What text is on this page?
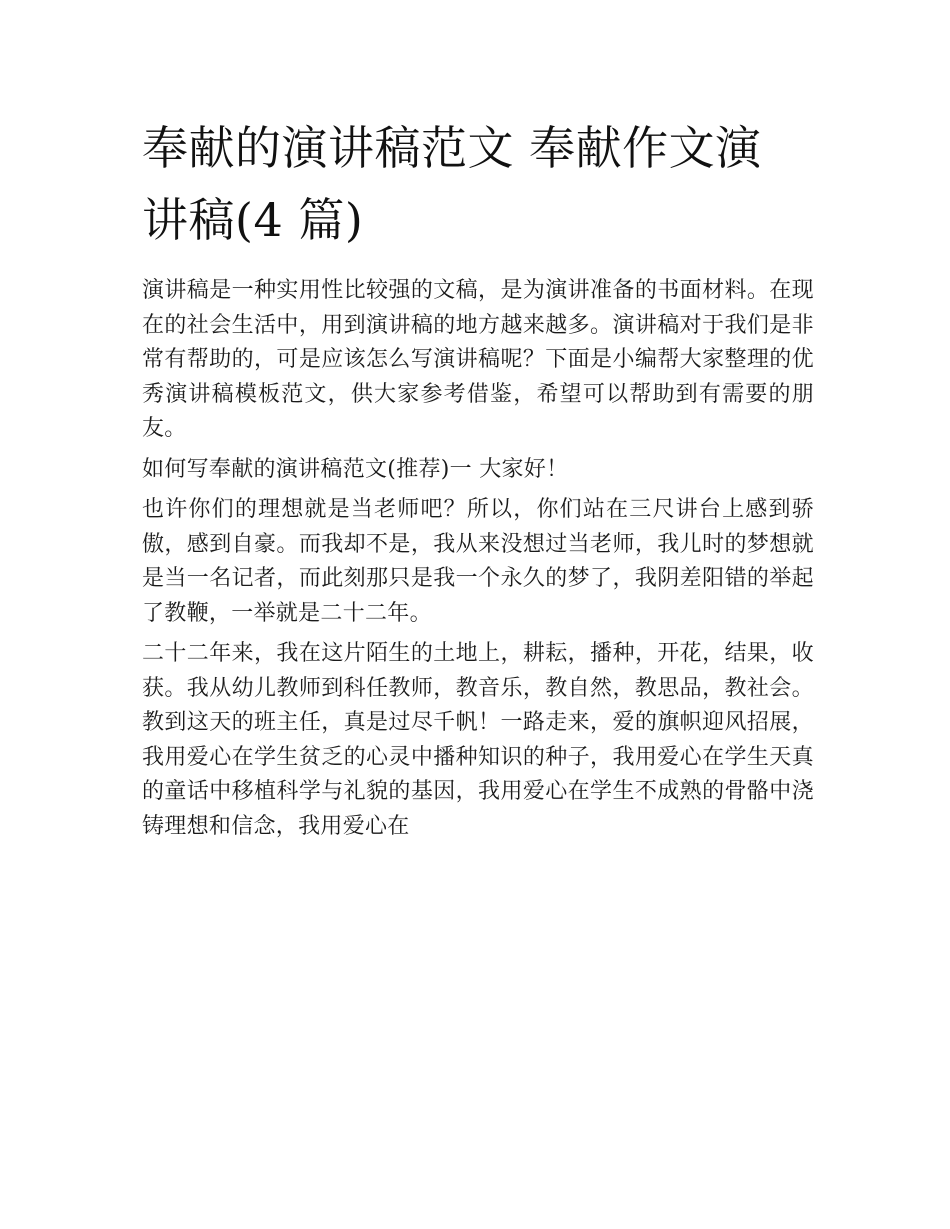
奉献的演讲稿范文 奉献作文演
讲稿(4 篇)

演讲稿是一种实用性比较强的文稿，是为演讲准备的书面材料。在现在的社会生活中，用到演讲稿的地方越来越多。演讲稿对于我们是非常有帮助的，可是应该怎么写演讲稿呢？下面是小编帮大家整理的优秀演讲稿模板范文，供大家参考借鉴，希望可以帮助到有需要的朋友。

如何写奉献的演讲稿范文(推荐)一 大家好！

也许你们的理想就是当老师吧？所以，你们站在三尺讲台上感到骄傲，感到自豪。而我却不是，我从来没想过当老师，我儿时的梦想就是当一名记者，而此刻那只是我一个永久的梦了，我阴差阳错的举起了教鞭，一举就是二十二年。

二十二年来，我在这片陌生的土地上，耕耘，播种，开花，结果，收获。我从幼儿教师到科任教师，教音乐，教自然，教思品，教社会。教到这天的班主任，真是过尽千帆！一路走来，爱的旗帜迎风招展，我用爱心在学生贫乏的心灵中播种知识的种子，我用爱心在学生天真的童话中移植科学与礼貌的基因，我用爱心在学生不成熟的骨骼中浇铸理想和信念，我用爱心在
